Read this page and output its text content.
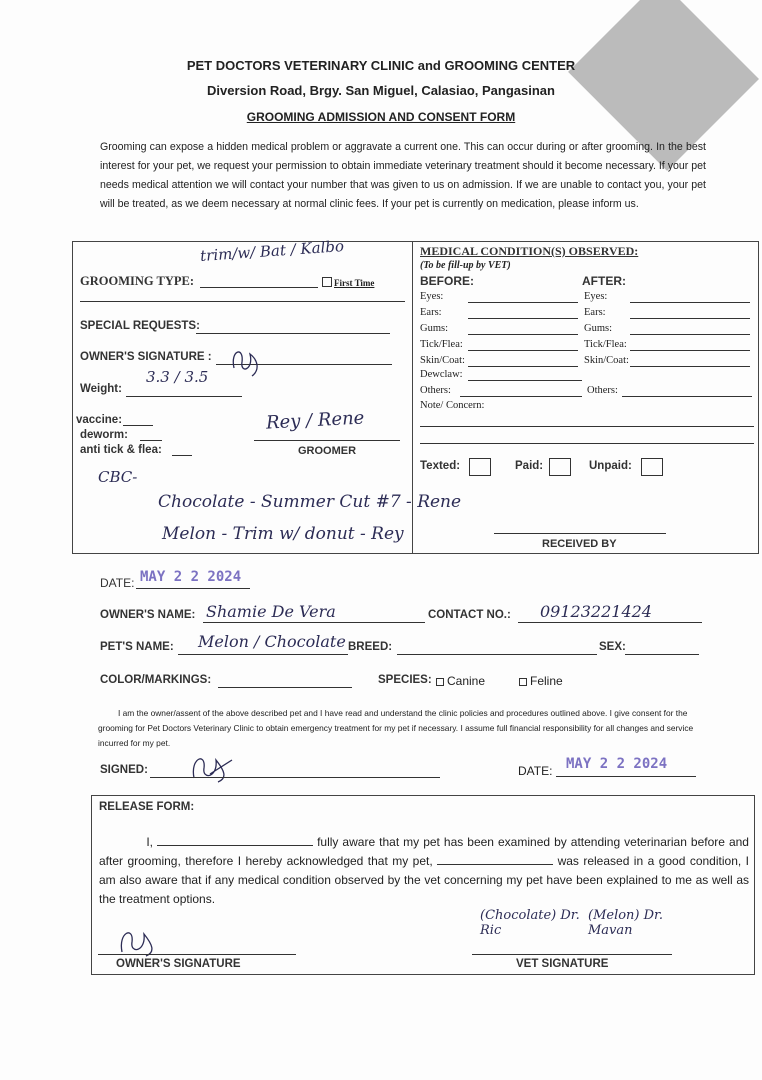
PET DOCTORS VETERINARY CLINIC and GROOMING CENTER
Diversion Road, Brgy. San Miguel, Calasiao, Pangasinan
GROOMING ADMISSION AND CONSENT FORM
Grooming can expose a hidden medical problem or aggravate a current one. This can occur during or after grooming. In the best interest for your pet, we request your permission to obtain immediate veterinary treatment should it become necessary. If your pet needs medical attention we will contact your number that was given to us on admission. If we are unable to contact you, your pet will be treated, as we deem necessary at normal clinic fees. If your pet is currently on medication, please inform us.
trim/w/ Bat / Kalbo
GROOMING TYPE:	First Time
SPECIAL REQUESTS:
OWNER'S SIGNATURE :
3.3 / 3.5
Weight:
vaccine:
deworm:
anti tick & flea:
Rey / Rene
GROOMER
CBC-
Chocolate - Summer Cut #7 - Rene
Melon - Trim w/ donut - Rey
MEDICAL CONDITION(S) OBSERVED:
(To be fill-up by VET)
BEFORE:	AFTER:
Eyes:	Eyes:
Ears:	Ears:
Gums:	Gums:
Tick/Flea:	Tick/Flea:
Skin/Coat:	Skin/Coat:
Dewclaw:
Others:	Others:
Note/ Concern:
Texted:	Paid:	Unpaid:
RECEIVED BY
DATE: MAY 2 2 2024
OWNER'S NAME: Shamie De Vera	CONTACT NO.: 09123221424
PET'S NAME: Melon / Chocolate BREED:	SEX:
COLOR/MARKINGS:	SPECIES: Canine	Feline
I am the owner/assent of the above described pet and I have read and understand the clinic policies and procedures outlined above. I give consent for the grooming for Pet Doctors Veterinary Clinic to obtain emergency treatment for my pet if necessary. I assume full financial responsibility for all changes and service incurred for my pet.
SIGNED:	DATE: MAY 2 2 2024
RELEASE FORM:
I,	fully aware that my pet has been examined by attending veterinarian before and after grooming, therefore I hereby acknowledged that my pet,	was released in a good condition, I am also aware that if any medical condition observed by the vet concerning my pet have been explained to me as well as the treatment options.
OWNER'S SIGNATURE
(Chocolate) Dr. Ric
(Melon) Dr. Mavan
VET SIGNATURE
